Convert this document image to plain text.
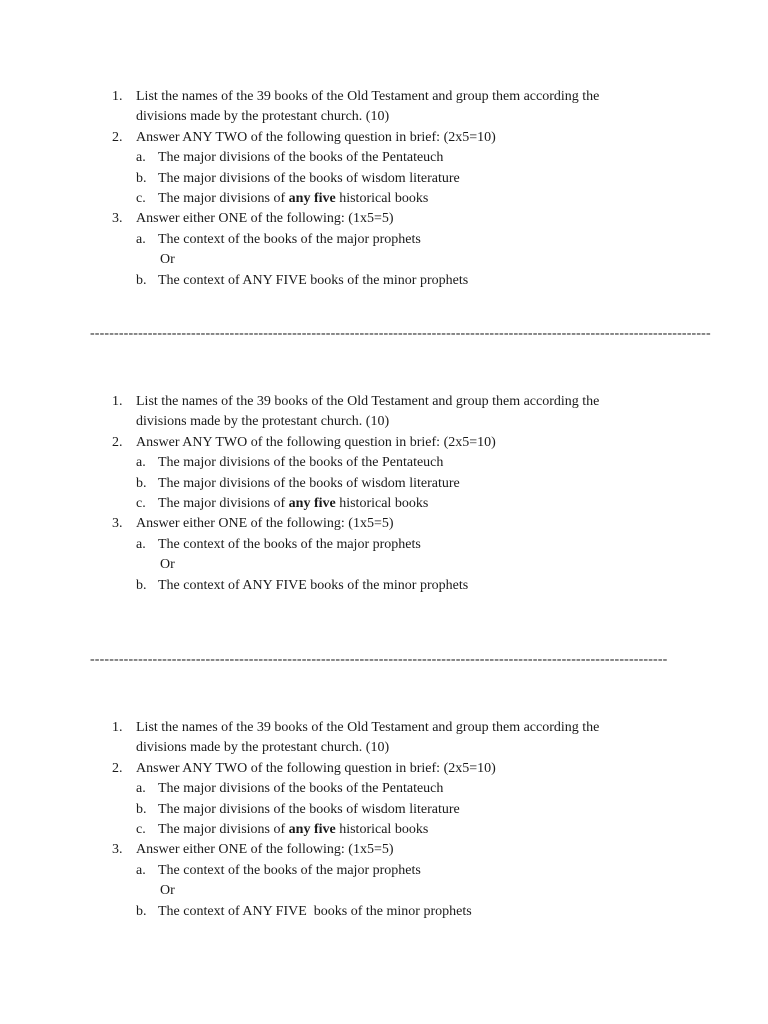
1. List the names of the 39 books of the Old Testament and group them according the
divisions made by the protestant church. (10)
2. Answer ANY TWO of the following question in brief: (2x5=10)
a. The major divisions of the books of the Pentateuch
b. The major divisions of the books of wisdom literature
c. The major divisions of any five historical books
3. Answer either ONE of the following: (1x5=5)
a. The context of the books of the major prophets
Or
b. The context of ANY FIVE books of the minor prophets
---------------------------------------------------------------------------------------------------------------------------------
1. List the names of the 39 books of the Old Testament and group them according the
divisions made by the protestant church. (10)
2. Answer ANY TWO of the following question in brief: (2x5=10)
a. The major divisions of the books of the Pentateuch
b. The major divisions of the books of wisdom literature
c. The major divisions of any five historical books
3. Answer either ONE of the following: (1x5=5)
a. The context of the books of the major prophets
Or
b. The context of ANY FIVE books of the minor prophets
------------------------------------------------------------------------------------------------------------------------
1. List the names of the 39 books of the Old Testament and group them according the
divisions made by the protestant church. (10)
2. Answer ANY TWO of the following question in brief: (2x5=10)
a. The major divisions of the books of the Pentateuch
b. The major divisions of the books of wisdom literature
c. The major divisions of any five historical books
3. Answer either ONE of the following: (1x5=5)
a. The context of the books of the major prophets
Or
b. The context of ANY FIVE  books of the minor prophets
